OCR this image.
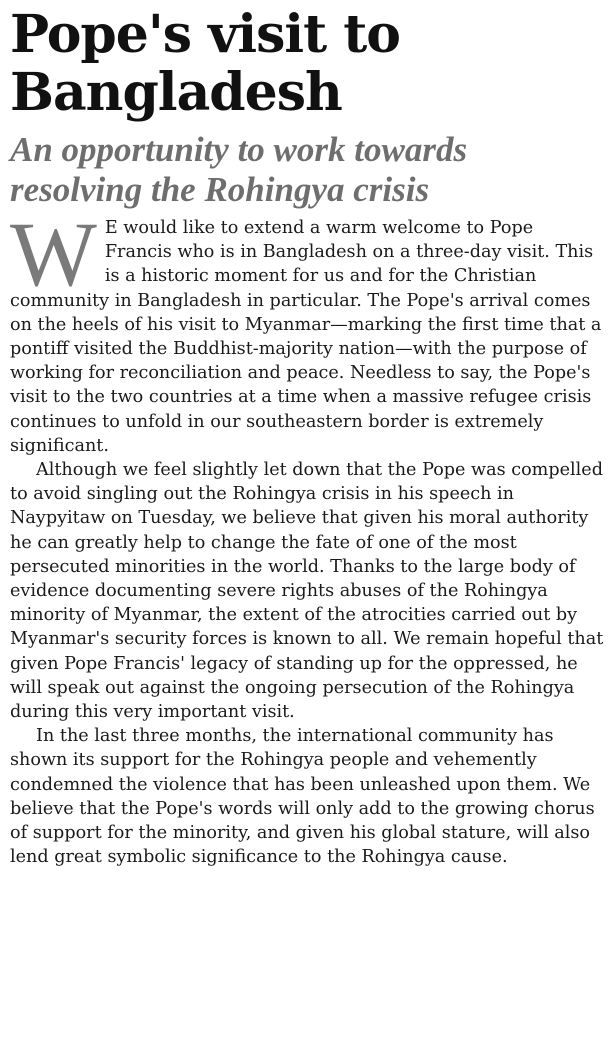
Pope's visit to Bangladesh
An opportunity to work towards resolving the Rohingya crisis

W E would like to extend a warm welcome to Pope Francis who is in Bangladesh on a three-day visit. This is a historic moment for us and for the Christian community in Bangladesh in particular. The Pope's arrival comes on the heels of his visit to Myanmar—marking the first time that a pontiff visited the Buddhist-majority nation—with the purpose of working for reconciliation and peace. Needless to say, the Pope's visit to the two countries at a time when a massive refugee crisis continues to unfold in our southeastern border is extremely significant.

Although we feel slightly let down that the Pope was compelled to avoid singling out the Rohingya crisis in his speech in Naypyitaw on Tuesday, we believe that given his moral authority he can greatly help to change the fate of one of the most persecuted minorities in the world. Thanks to the large body of evidence documenting severe rights abuses of the Rohingya minority of Myanmar, the extent of the atrocities carried out by Myanmar's security forces is known to all. We remain hopeful that given Pope Francis' legacy of standing up for the oppressed, he will speak out against the ongoing persecution of the Rohingya during this very important visit.

In the last three months, the international community has shown its support for the Rohingya people and vehemently condemned the violence that has been unleashed upon them. We believe that the Pope's words will only add to the growing chorus of support for the minority, and given his global stature, will also lend great symbolic significance to the Rohingya cause.
